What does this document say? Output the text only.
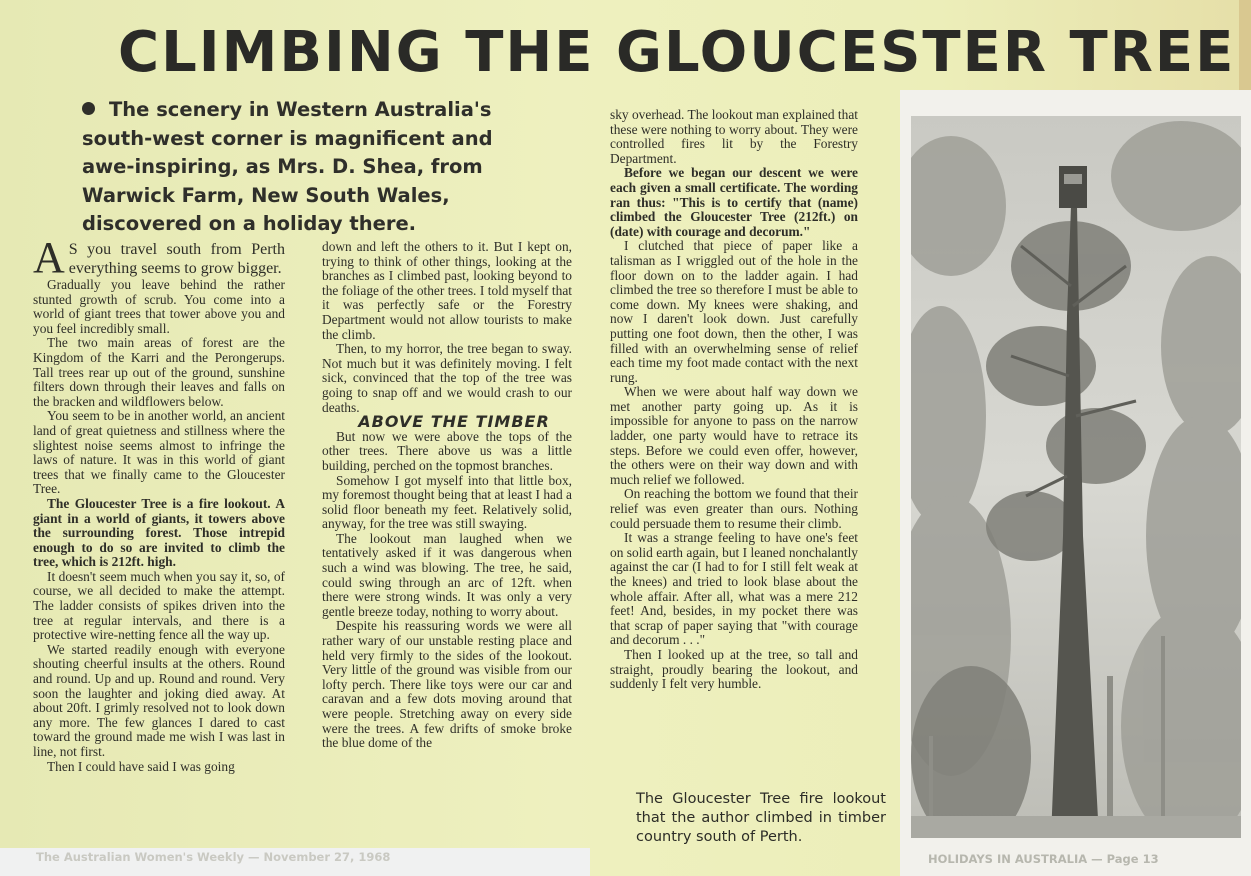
CLIMBING THE GLOUCESTER TREE
The scenery in Western Australia's south-west corner is magnificent and awe-inspiring, as Mrs. D. Shea, from Warwick Farm, New South Wales, discovered on a holiday there.

A S you travel south from Perth everything seems to grow bigger.

Gradually you leave behind the rather stunted growth of scrub. You come into a world of giant trees that tower above you and you feel incredibly small.

The two main areas of forest are the Kingdom of the Karri and the Perongerups. Tall trees rear up out of the ground, sunshine filters down through their leaves and falls on the bracken and wildflowers below.

You seem to be in another world, an ancient land of great quietness and stillness where the slightest noise seems almost to infringe the laws of nature. It was in this world of giant trees that we finally came to the Gloucester Tree.

The Gloucester Tree is a fire lookout. A giant in a world of giants, it towers above the surrounding forest. Those intrepid enough to do so are invited to climb the tree, which is 212ft. high.

It doesn't seem much when you say it, so, of course, we all decided to make the attempt. The ladder consists of spikes driven into the tree at regular intervals, and there is a protective wire-netting fence all the way up.

We started readily enough with everyone shouting cheerful insults at the others. Round and round. Up and up. Round and round. Very soon the laughter and joking died away. At about 20ft. I grimly resolved not to look down any more. The few glances I dared to cast toward the ground made me wish I was last in line, not first.

Then I could have said I was going

down and left the others to it. But I kept on, trying to think of other things, looking at the branches as I climbed past, looking beyond to the foliage of the other trees. I told myself that it was perfectly safe or the Forestry Department would not allow tourists to make the climb.

Then, to my horror, the tree began to sway. Not much but it was definitely moving. I felt sick, convinced that the top of the tree was going to snap off and we would crash to our deaths.

ABOVE THE TIMBER

But now we were above the tops of the other trees. There above us was a little building, perched on the topmost branches.

Somehow I got myself into that little box, my foremost thought being that at least I had a solid floor beneath my feet. Relatively solid, anyway, for the tree was still swaying.

The lookout man laughed when we tentatively asked if it was dangerous when such a wind was blowing. The tree, he said, could swing through an arc of 12ft. when there were strong winds. It was only a very gentle breeze today, nothing to worry about.

Despite his reassuring words we were all rather wary of our unstable resting place and held very firmly to the sides of the lookout. Very little of the ground was visible from our lofty perch. There like toys were our car and caravan and a few dots moving around that were people. Stretching away on every side were the trees. A few drifts of smoke broke the blue dome of the

sky overhead. The lookout man explained that these were nothing to worry about. They were controlled fires lit by the Forestry Department.

Before we began our descent we were each given a small certificate. The wording ran thus: "This is to certify that (name) climbed the Gloucester Tree (212ft.) on (date) with courage and decorum."

I clutched that piece of paper like a talisman as I wriggled out of the hole in the floor down on to the ladder again. I had climbed the tree so therefore I must be able to come down. My knees were shaking, and now I daren't look down. Just carefully putting one foot down, then the other, I was filled with an overwhelming sense of relief each time my foot made contact with the next rung.

When we were about half way down we met another party going up. As it is impossible for anyone to pass on the narrow ladder, one party would have to retrace its steps. Before we could even offer, however, the others were on their way down and with much relief we followed.

On reaching the bottom we found that their relief was even greater than ours. Nothing could persuade them to resume their climb.

It was a strange feeling to have one's feet on solid earth again, but I leaned nonchalantly against the car (I had to for I still felt weak at the knees) and tried to look blase about the whole affair. After all, what was a mere 212 feet! And, besides, in my pocket there was that scrap of paper saying that "with courage and decorum . . ."

Then I looked up at the tree, so tall and straight, proudly bearing the lookout, and suddenly I felt very humble.

The Gloucester Tree fire lookout that the author climbed in timber country south of Perth.
The Australian Women's Weekly — November 27, 1968	HOLIDAYS IN AUSTRALIA — Page 13
